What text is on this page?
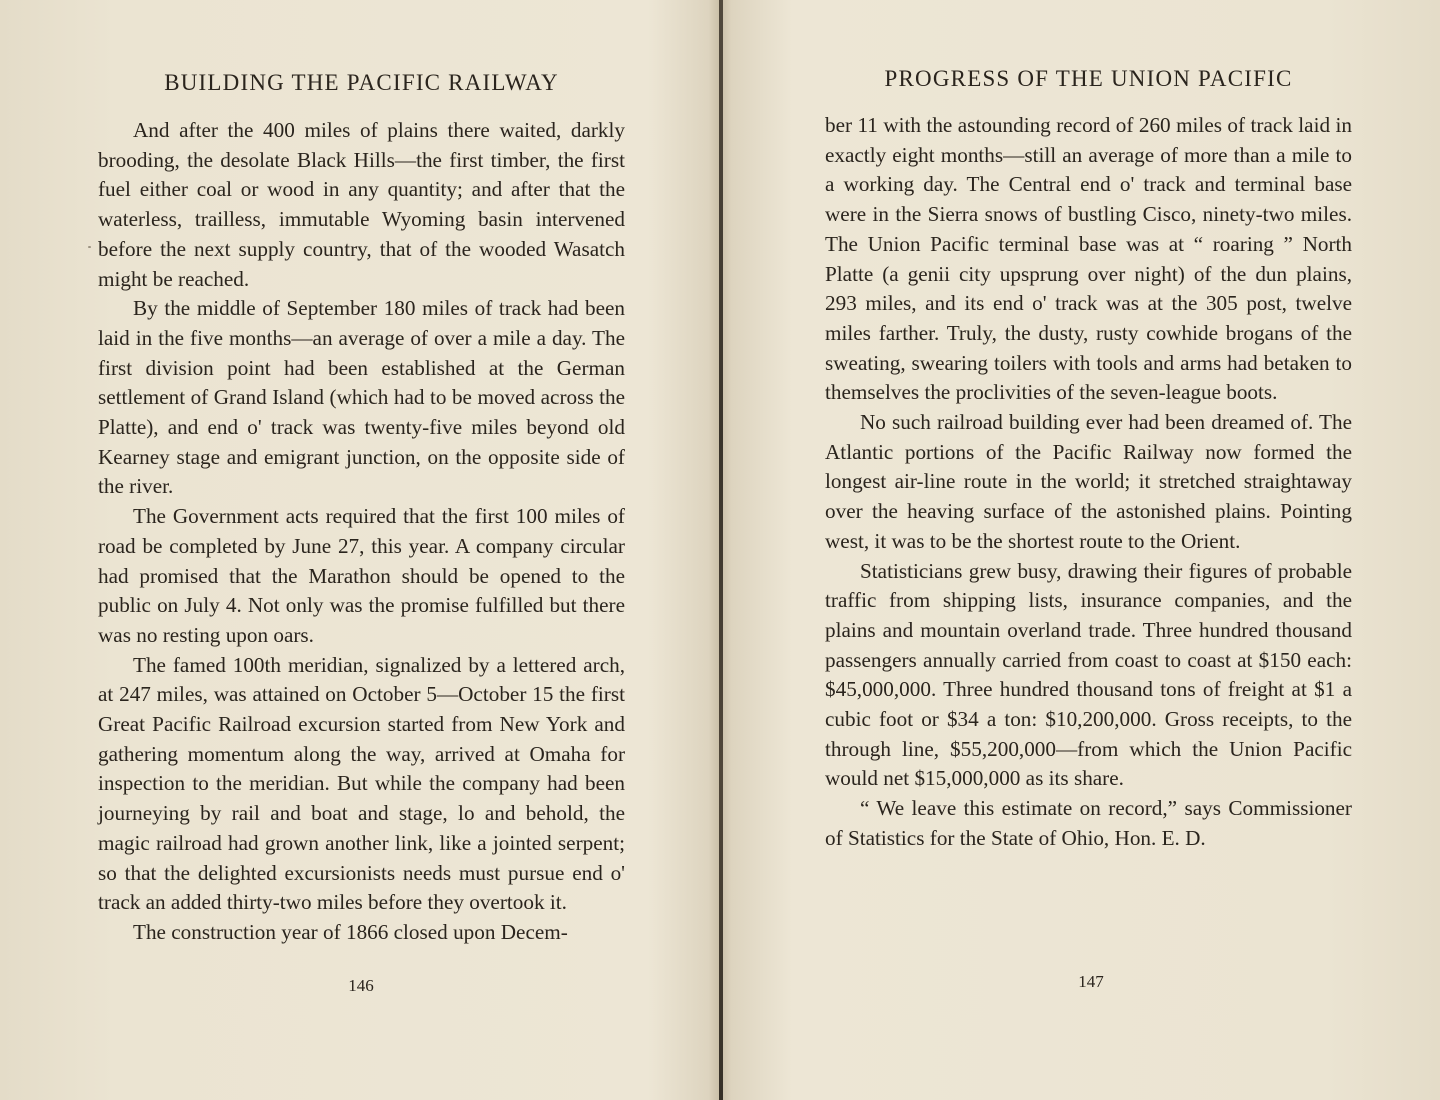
BUILDING THE PACIFIC RAILWAY

And after the 400 miles of plains there waited, darkly brooding, the desolate Black Hills—the first timber, the first fuel either coal or wood in any quantity; and after that the waterless, trailless, immutable Wyoming basin intervened before the next supply country, that of the wooded Wasatch might be reached.

By the middle of September 180 miles of track had been laid in the five months—an average of over a mile a day. The first division point had been established at the German settlement of Grand Island (which had to be moved across the Platte), and end o' track was twenty-five miles beyond old Kearney stage and emigrant junction, on the opposite side of the river.

The Government acts required that the first 100 miles of road be completed by June 27, this year. A company circular had promised that the Marathon should be opened to the public on July 4. Not only was the promise fulfilled but there was no resting upon oars.

The famed 100th meridian, signalized by a lettered arch, at 247 miles, was attained on October 5—October 15 the first Great Pacific Railroad excursion started from New York and gathering momentum along the way, arrived at Omaha for inspection to the meridian. But while the company had been journeying by rail and boat and stage, lo and behold, the magic railroad had grown another link, like a jointed serpent; so that the delighted excursionists needs must pursue end o' track an added thirty-two miles before they overtook it.

The construction year of 1866 closed upon Decem-

146
PROGRESS OF THE UNION PACIFIC

ber 11 with the astounding record of 260 miles of track laid in exactly eight months—still an average of more than a mile to a working day. The Central end o' track and terminal base were in the Sierra snows of bustling Cisco, ninety-two miles. The Union Pacific terminal base was at “ roaring ” North Platte (a genii city upsprung over night) of the dun plains, 293 miles, and its end o' track was at the 305 post, twelve miles farther. Truly, the dusty, rusty cowhide brogans of the sweating, swearing toilers with tools and arms had betaken to themselves the proclivities of the seven-league boots.

No such railroad building ever had been dreamed of. The Atlantic portions of the Pacific Railway now formed the longest air-line route in the world; it stretched straightaway over the heaving surface of the astonished plains. Pointing west, it was to be the shortest route to the Orient.

Statisticians grew busy, drawing their figures of probable traffic from shipping lists, insurance companies, and the plains and mountain overland trade. Three hundred thousand passengers annually carried from coast to coast at $150 each: $45,000,000. Three hundred thousand tons of freight at $1 a cubic foot or $34 a ton: $10,200,000. Gross receipts, to the through line, $55,200,000—from which the Union Pacific would net $15,000,000 as its share.

“ We leave this estimate on record,” says Commissioner of Statistics for the State of Ohio, Hon. E. D.

147
